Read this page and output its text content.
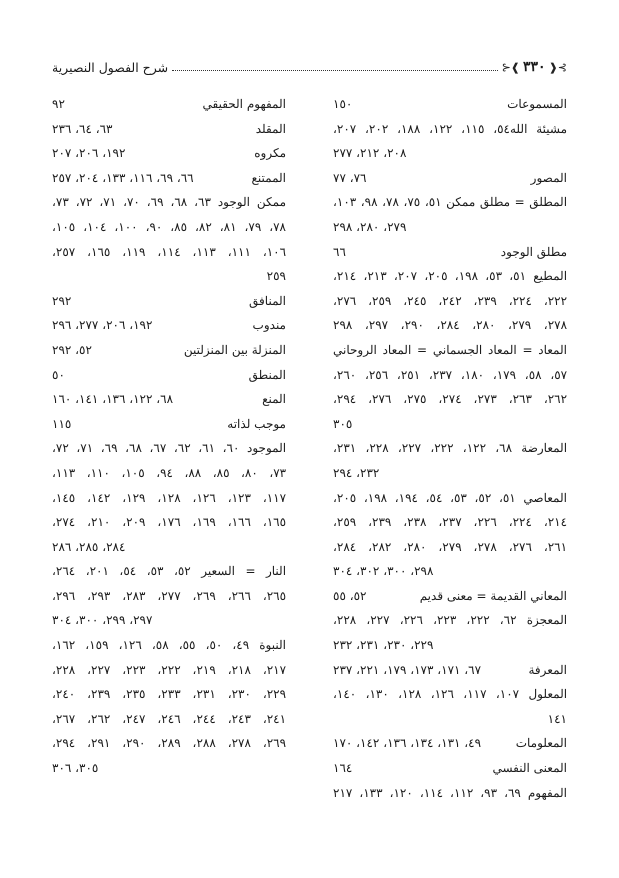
⊱❰
٣٣٠
❱⊰
شرح الفصول النصيرية
المسموعات
١٥٠
مشيئة الله٥٤، ١١٥، ١٢٢، ١٨٨، ٢٠٢، ٢٠٧،
٢٠٨، ٢١٢، ٢٧٧
المصور
٧٦، ٧٧
المطلق = مطلق ممكن ٥١، ٧٥، ٧٨، ٩٨، ١٠٣،
٢٧٩، ٢٨٠، ٢٩٨
مطلق الوجود
٦٦
المطيع ٥١، ٥٣، ١٩٨، ٢٠٥، ٢٠٧، ٢١٣، ٢١٤،
٢٢٢، ٢٢٤، ٢٣٩، ٢٤٢، ٢٤٥، ٢٥٩، ٢٧٦،
٢٧٨، ٢٧٩، ٢٨٠، ٢٨٤، ٢٩٠، ٢٩٧، ٢٩٨
المعاد = المعاد الجسماني = المعاد الروحاني
٥٧، ٥٨، ١٧٩، ١٨٠، ٢٣٧، ٢٥١، ٢٥٦، ٢٦٠،
٢٦٢، ٢٦٣، ٢٧٣، ٢٧٤، ٢٧٥، ٢٧٦، ٢٩٤،
٣٠٥
المعارضة ٦٨، ١٢٢، ٢٢٢، ٢٢٧، ٢٢٨، ٢٣١،
٢٣٢، ٢٩٤
المعاصي ٥١، ٥٢، ٥٣، ٥٤، ١٩٤، ١٩٨، ٢٠٥،
٢١٤، ٢٢٤، ٢٢٦، ٢٣٧، ٢٣٨، ٢٣٩، ٢٥٩،
٢٦١، ٢٧٦، ٢٧٨، ٢٧٩، ٢٨٠، ٢٨٢، ٢٨٤،
٢٩٨، ٣٠٠، ٣٠٢، ٣٠٤
المعاني القديمة = معنى قديم
٥٢، ٥٥
المعجزة ٦٢، ٢٢٢، ٢٢٣، ٢٢٦، ٢٢٧، ٢٢٨،
٢٢٩، ٢٣٠، ٢٣١، ٢٣٢
المعرفة
٦٧، ١٧١، ١٧٣، ١٧٩، ٢٢١، ٢٣٧
المعلول ١٠٧، ١١٧، ١٢٦، ١٢٨، ١٣٠، ١٤٠،
١٤١
المعلومات
٤٩، ١٣١، ١٣٤، ١٣٦، ١٤٢، ١٧٠
المعنى النفسي
١٦٤
المفهوم ٦٩، ٩٣، ١١٢، ١١٤، ١٢٠، ١٣٣، ٢١٧
المفهوم الحقيقي
٩٢
المقلد
٦٣، ٦٤، ٢٣٦
مكروه
١٩٢، ٢٠٦، ٢٠٧
الممتنع
٦٦، ٦٩، ١١٦، ١٣٣، ٢٠٤، ٢٥٧
ممكن الوجود ٦٣، ٦٨، ٦٩، ٧٠، ٧١، ٧٢، ٧٣،
٧٨، ٧٩، ٨١، ٨٢، ٨٥، ٩٠، ١٠٠، ١٠٤، ١٠٥،
١٠٦، ١١١، ١١٣، ١١٤، ١١٩، ١٦٥، ٢٥٧،
٢٥٩
المنافق
٢٩٢
مندوب
١٩٢، ٢٠٦، ٢٧٧، ٢٩٦
المنزلة بين المنزلتين
٥٢، ٢٩٢
المنطق
٥٠
المنع
٦٨، ١٢٢، ١٣٦، ١٤١، ١٦٠
موجب لذاته
١١٥
الموجود ٦٠، ٦١، ٦٢، ٦٧، ٦٨، ٦٩، ٧١، ٧٢،
٧٣، ٨٠، ٨٥، ٨٨، ٩٤، ١٠٥، ١١٠، ١١٣،
١١٧، ١٢٣، ١٢٦، ١٢٨، ١٢٩، ١٤٢، ١٤٥،
١٦٥، ١٦٦، ١٦٩، ١٧٦، ٢٠٩، ٢١٠، ٢٧٤،
٢٨٤، ٢٨٥، ٢٨٦
النار = السعير ٥٢، ٥٣، ٥٤، ٢٠١، ٢٦٤،
٢٦٥، ٢٦٦، ٢٦٩، ٢٧٧، ٢٨٣، ٢٩٣، ٢٩٦،
٢٩٧، ٢٩٩، ٣٠٠، ٣٠٤
النبوة ٤٩، ٥٠، ٥٥، ٥٨، ١٢٦، ١٥٩، ١٦٢،
٢١٧، ٢١٨، ٢١٩، ٢٢٢، ٢٢٣، ٢٢٧، ٢٢٨،
٢٢٩، ٢٣٠، ٢٣١، ٢٣٣، ٢٣٥، ٢٣٩، ٢٤٠،
٢٤١، ٢٤٣، ٢٤٤، ٢٤٦، ٢٤٧، ٢٦٢، ٢٦٧،
٢٦٩، ٢٧٨، ٢٨٨، ٢٨٩، ٢٩٠، ٢٩١، ٢٩٤،
٣٠٥، ٣٠٦
